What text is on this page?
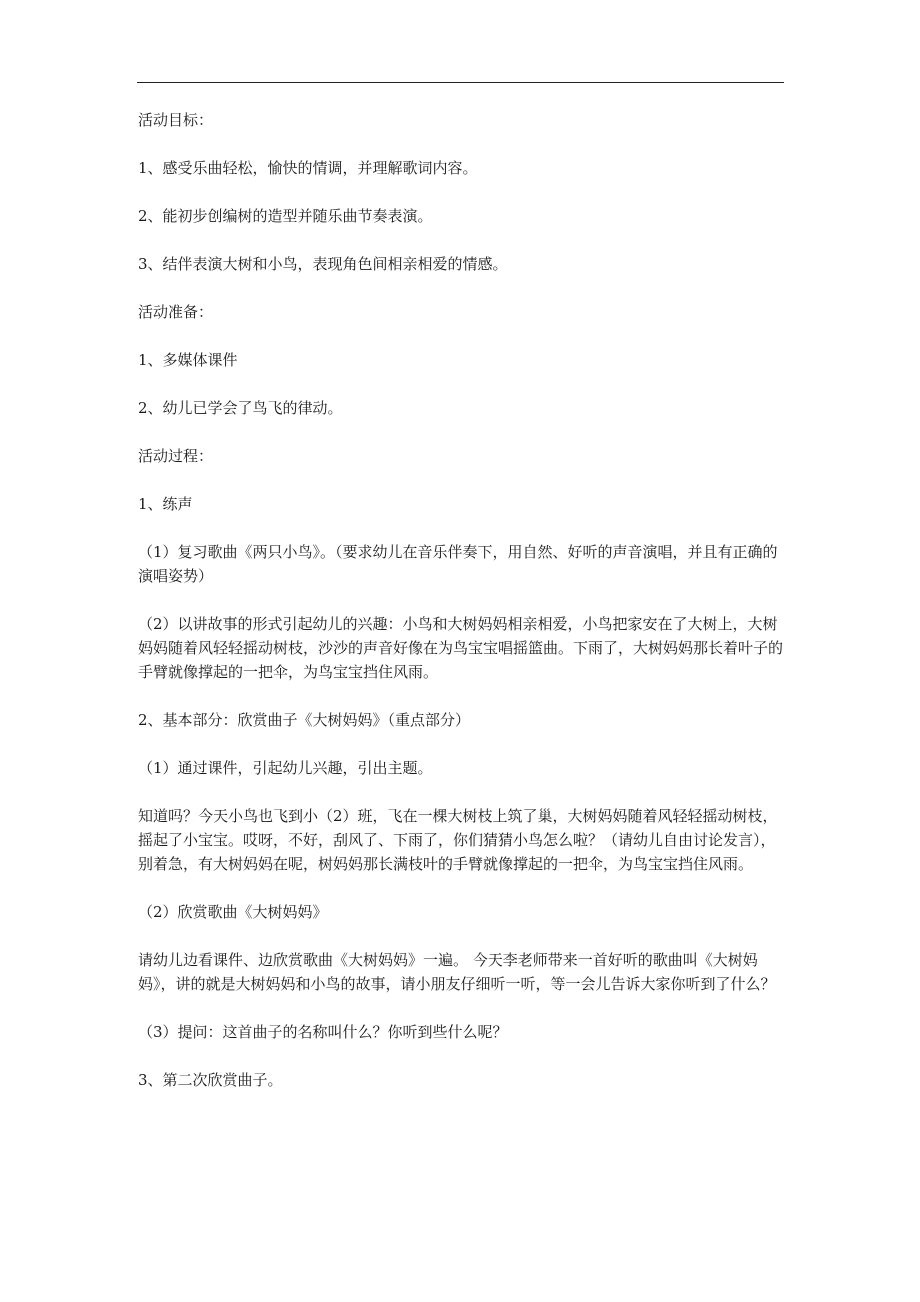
活动目标：

1、感受乐曲轻松，愉快的情调，并理解歌词内容。

2、能初步创编树的造型并随乐曲节奏表演。

3、结伴表演大树和小鸟，表现角色间相亲相爱的情感。

活动准备：

1、多媒体课件

2、幼儿已学会了鸟飞的律动。

活动过程：

1、练声

（1）复习歌曲《两只小鸟》。（要求幼儿在音乐伴奏下，用自然、好听的声音演唱，并且有正确的演唱姿势）

（2）以讲故事的形式引起幼儿的兴趣：小鸟和大树妈妈相亲相爱，小鸟把家安在了大树上，大树妈妈随着风轻轻摇动树枝，沙沙的声音好像在为鸟宝宝唱摇篮曲。下雨了，大树妈妈那长着叶子的手臂就像撑起的一把伞，为鸟宝宝挡住风雨。

2、基本部分：欣赏曲子《大树妈妈》（重点部分）

（1）通过课件，引起幼儿兴趣，引出主题。

知道吗？今天小鸟也飞到小（2）班，飞在一棵大树枝上筑了巢，大树妈妈随着风轻轻摇动树枝，摇起了小宝宝。哎呀，不好，刮风了、下雨了，你们猜猜小鸟怎么啦？（请幼儿自由讨论发言），别着急，有大树妈妈在呢，树妈妈那长满枝叶的手臂就像撑起的一把伞，为鸟宝宝挡住风雨。

（2）欣赏歌曲《大树妈妈》

请幼儿边看课件、边欣赏歌曲《大树妈妈》一遍。 今天李老师带来一首好听的歌曲叫《大树妈妈》，讲的就是大树妈妈和小鸟的故事，请小朋友仔细听一听，等一会儿告诉大家你听到了什么？

（3）提问：这首曲子的名称叫什么？你听到些什么呢？

3、第二次欣赏曲子。
